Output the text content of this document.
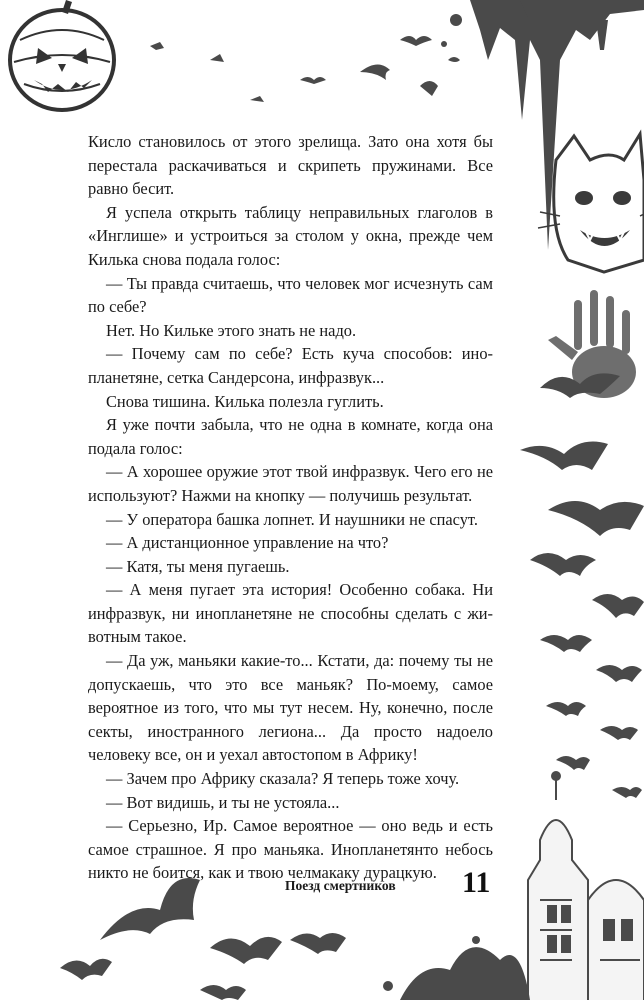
Кисло становилось от этого зрелища. Зато она хотя бы перестала раскачиваться и скрипеть пружинами. Все равно бесит.

Я успела открыть таблицу неправильных глаголов в «Инглише» и устроиться за столом у окна, прежде чем Килька снова подала голос:

— Ты правда считаешь, что человек мог исчезнуть сам по себе?

Нет. Но Кильке этого знать не надо.

— Почему сам по себе? Есть куча способов: инопланетяне, сетка Сандерсона, инфразвук...

Снова тишина. Килька полезла гуглить.

Я уже почти забыла, что не одна в комнате, когда она подала голос:

— А хорошее оружие этот твой инфразвук. Чего его не используют? Нажми на кнопку — получишь результат.

— У оператора башка лопнет. И наушники не спасут.

— А дистанционное управление на что?

— Катя, ты меня пугаешь.

— А меня пугает эта история! Особенно собака. Ни инфразвук, ни инопланетяне не способны сделать с животным такое.

— Да уж, маньяки какие-то... Кстати, да: почему ты не допускаешь, что это все маньяк? По-моему, самое вероятное из того, что мы тут несем. Ну, конечно, после секты, иностранного легиона... Да просто надоело человеку все, он и уехал автостопом в Африку!

— Зачем про Африку сказала? Я теперь тоже хочу.

— Вот видишь, и ты не устояла...

— Серьезно, Ир. Самое вероятное — оно ведь и есть самое страшное. Я про маньяка. Инопланетянто небось никто не боится, как и твою челмакаку дурацкую.

Поезд смертников 11
